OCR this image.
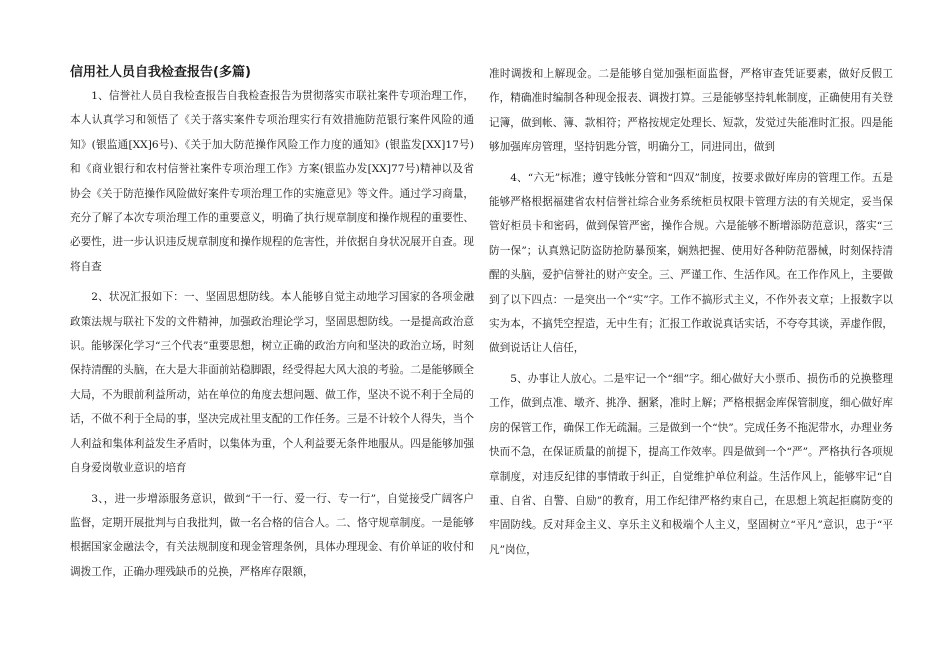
信用社人员自我检查报告(多篇)

1、信誉社人员自我检查报告自我检查报告为贯彻落实市联社案件专项治理工作，本人认真学习和领悟了《关于落实案件专项治理实行有效措施防范银行案件风险的通知》(银监通[XX]6号)、《关于加大防范操作风险工作力度的通知》(银监发[XX]17号)和《商业银行和农村信誉社案件专项治理工作》方案(银监办发[XX]77号)精神以及省协会《关于防范操作风险做好案件专项治理工作的实施意见》等文件。通过学习商量，充分了解了本次专项治理工作的重要意义，明确了执行规章制度和操作规程的重要性、必要性，进一步认识违反规章制度和操作规程的危害性，并依据自身状况展开自查。现将自查

2、状况汇报如下：一、坚固思想防线。本人能够自觉主动地学习国家的各项金融政策法规与联社下发的文件精神，加强政治理论学习，坚固思想防线。一是提高政治意识。能够深化学习“三个代表”重要思想，树立正确的政治方向和坚决的政治立场，时刻保持清醒的头脑，在大是大非面前站稳脚跟，经受得起大风大浪的考验。二是能够顾全大局，不为眼前利益所动，站在单位的角度去想问题、做工作，坚决不说不利于全局的话，不做不利于全局的事，坚决完成社里支配的工作任务。三是不计较个人得失，当个人利益和集体利益发生矛盾时，以集体为重，个人利益要无条件地服从。四是能够加强自身爱岗敬业意识的培育

3、，进一步增添服务意识，做到“干一行、爱一行、专一行”，自觉接受广阔客户监督，定期开展批判与自我批判，做一名合格的信合人。二、恪守规章制度。一是能够根据国家金融法令，有关法规制度和现金管理条例，具体办理现金、有价单证的收付和调拨工作，正确办理残缺币的兑换，严格库存限额，

准时调拨和上解现金。二是能够自觉加强柜面监督，严格审查凭证要素，做好反假工作，精确准时编制各种现金报表、调拨打算。三是能够坚持轧帐制度，正确使用有关登记簿，做到帐、簿、款相符；严格按规定处理长、短款，发觉过失能准时汇报。四是能够加强库房管理，坚持钥匙分管，明确分工，同进同出，做到

4、“六无”标准；遵守钱帐分管和“四双”制度，按要求做好库房的管理工作。五是能够严格根据福建省农村信誉社综合业务系统柜员权限卡管理方法的有关规定，妥当保管好柜员卡和密码，做到保管严密，操作合规。六是能够不断增添防范意识，落实“三防一保”；认真熟记防盗防抢防暴预案，娴熟把握、使用好各种防范器械，时刻保持清醒的头脑，爱护信誉社的财产安全。三、严谨工作、生活作风。在工作作风上，主要做到了以下四点：一是突出一个“实”字。工作不搞形式主义，不作外表文章；上报数字以实为本，不搞凭空捏造，无中生有；汇报工作敢说真话实话，不夸夸其谈，弄虚作假，做到说话让人信任，

5、办事让人放心。二是牢记一个“细”字。细心做好大小票币、损伤币的兑换整理工作，做到点准、墩齐、挑净、捆紧，准时上解；严格根据金库保管制度，细心做好库房的保管工作，确保工作无疏漏。三是做到一个“快”。完成任务不拖泥带水，办理业务快而不急，在保证质量的前提下，提高工作效率。四是做到一个“严”。严格执行各项规章制度，对违反纪律的事情敢于纠正，自觉维护单位利益。生活作风上，能够牢记“自重、自省、自警、自励”的教育，用工作纪律严格约束自己，在思想上筑起拒腐防变的牢固防线。反对拜金主义、享乐主义和极端个人主义，坚固树立“平凡”意识，忠于“平凡”岗位，
